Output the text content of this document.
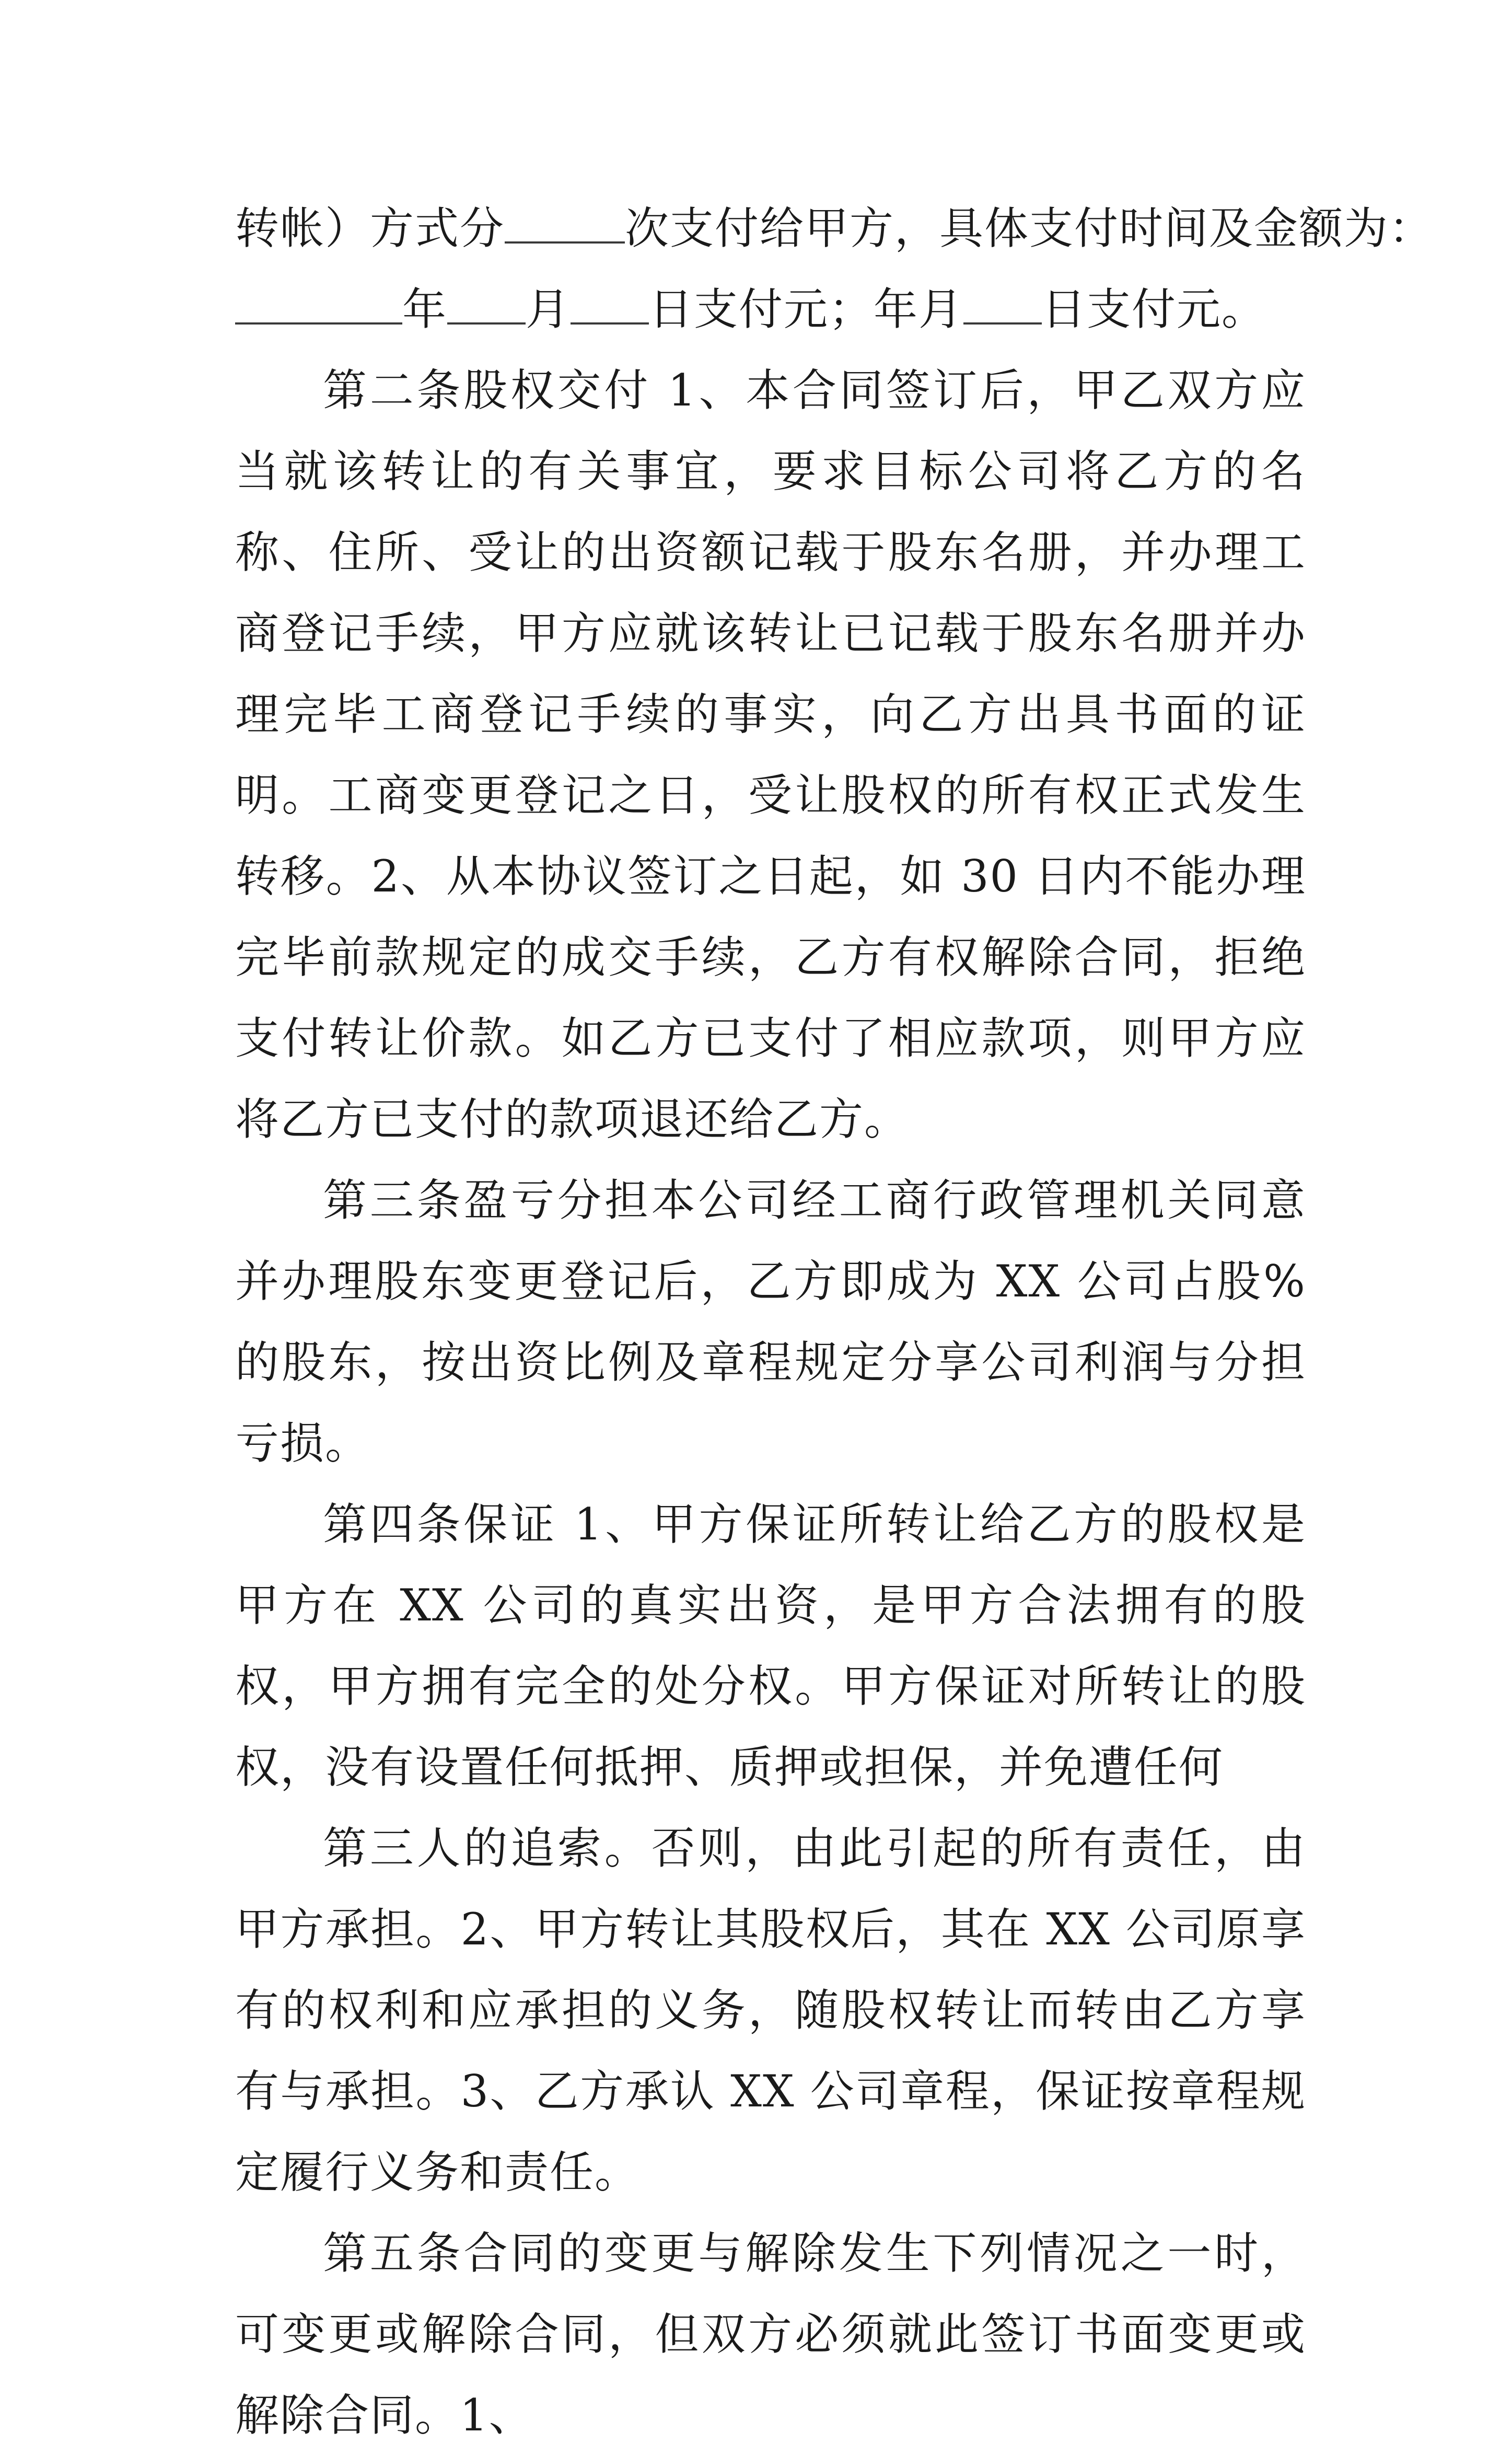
转帐）方式分	次支付给甲方，具体支付时间及金额为：
年 月 日支付元；年月 日支付元。

第二条股权交付 1、本合同签订后，甲乙双方应当就该转让的有关事宜，要求目标公司将乙方的名称、住所、受让的出资额记载于股东名册，并办理工商登记手续，甲方应就该转让已记载于股东名册并办理完毕工商登记手续的事实，向乙方出具书面的证明。工商变更登记之日，受让股权的所有权正式发生转移。2、从本协议签订之日起，如 30 日内不能办理完毕前款规定的成交手续，乙方有权解除合同，拒绝支付转让价款。如乙方已支付了相应款项，则甲方应将乙方已支付的款项退还给乙方。

第三条盈亏分担本公司经工商行政管理机关同意并办理股东变更登记后，乙方即成为 XX 公司占股%的股东，按出资比例及章程规定分享公司利润与分担亏损。

第四条保证 1、甲方保证所转让给乙方的股权是甲方在 XX 公司的真实出资，是甲方合法拥有的股权，甲方拥有完全的处分权。甲方保证对所转让的股权，没有设置任何抵押、质押或担保，并免遭任何

第三人的追索。否则，由此引起的所有责任，由甲方承担。2、甲方转让其股权后，其在 XX 公司原享有的权利和应承担的义务，随股权转让而转由乙方享有与承担。3、乙方承认 XX 公司章程，保证按章程规定履行义务和责任。

第五条合同的变更与解除发生下列情况之一时，可变更或解除合同，但双方必须就此签订书面变更或解除合同。1、
